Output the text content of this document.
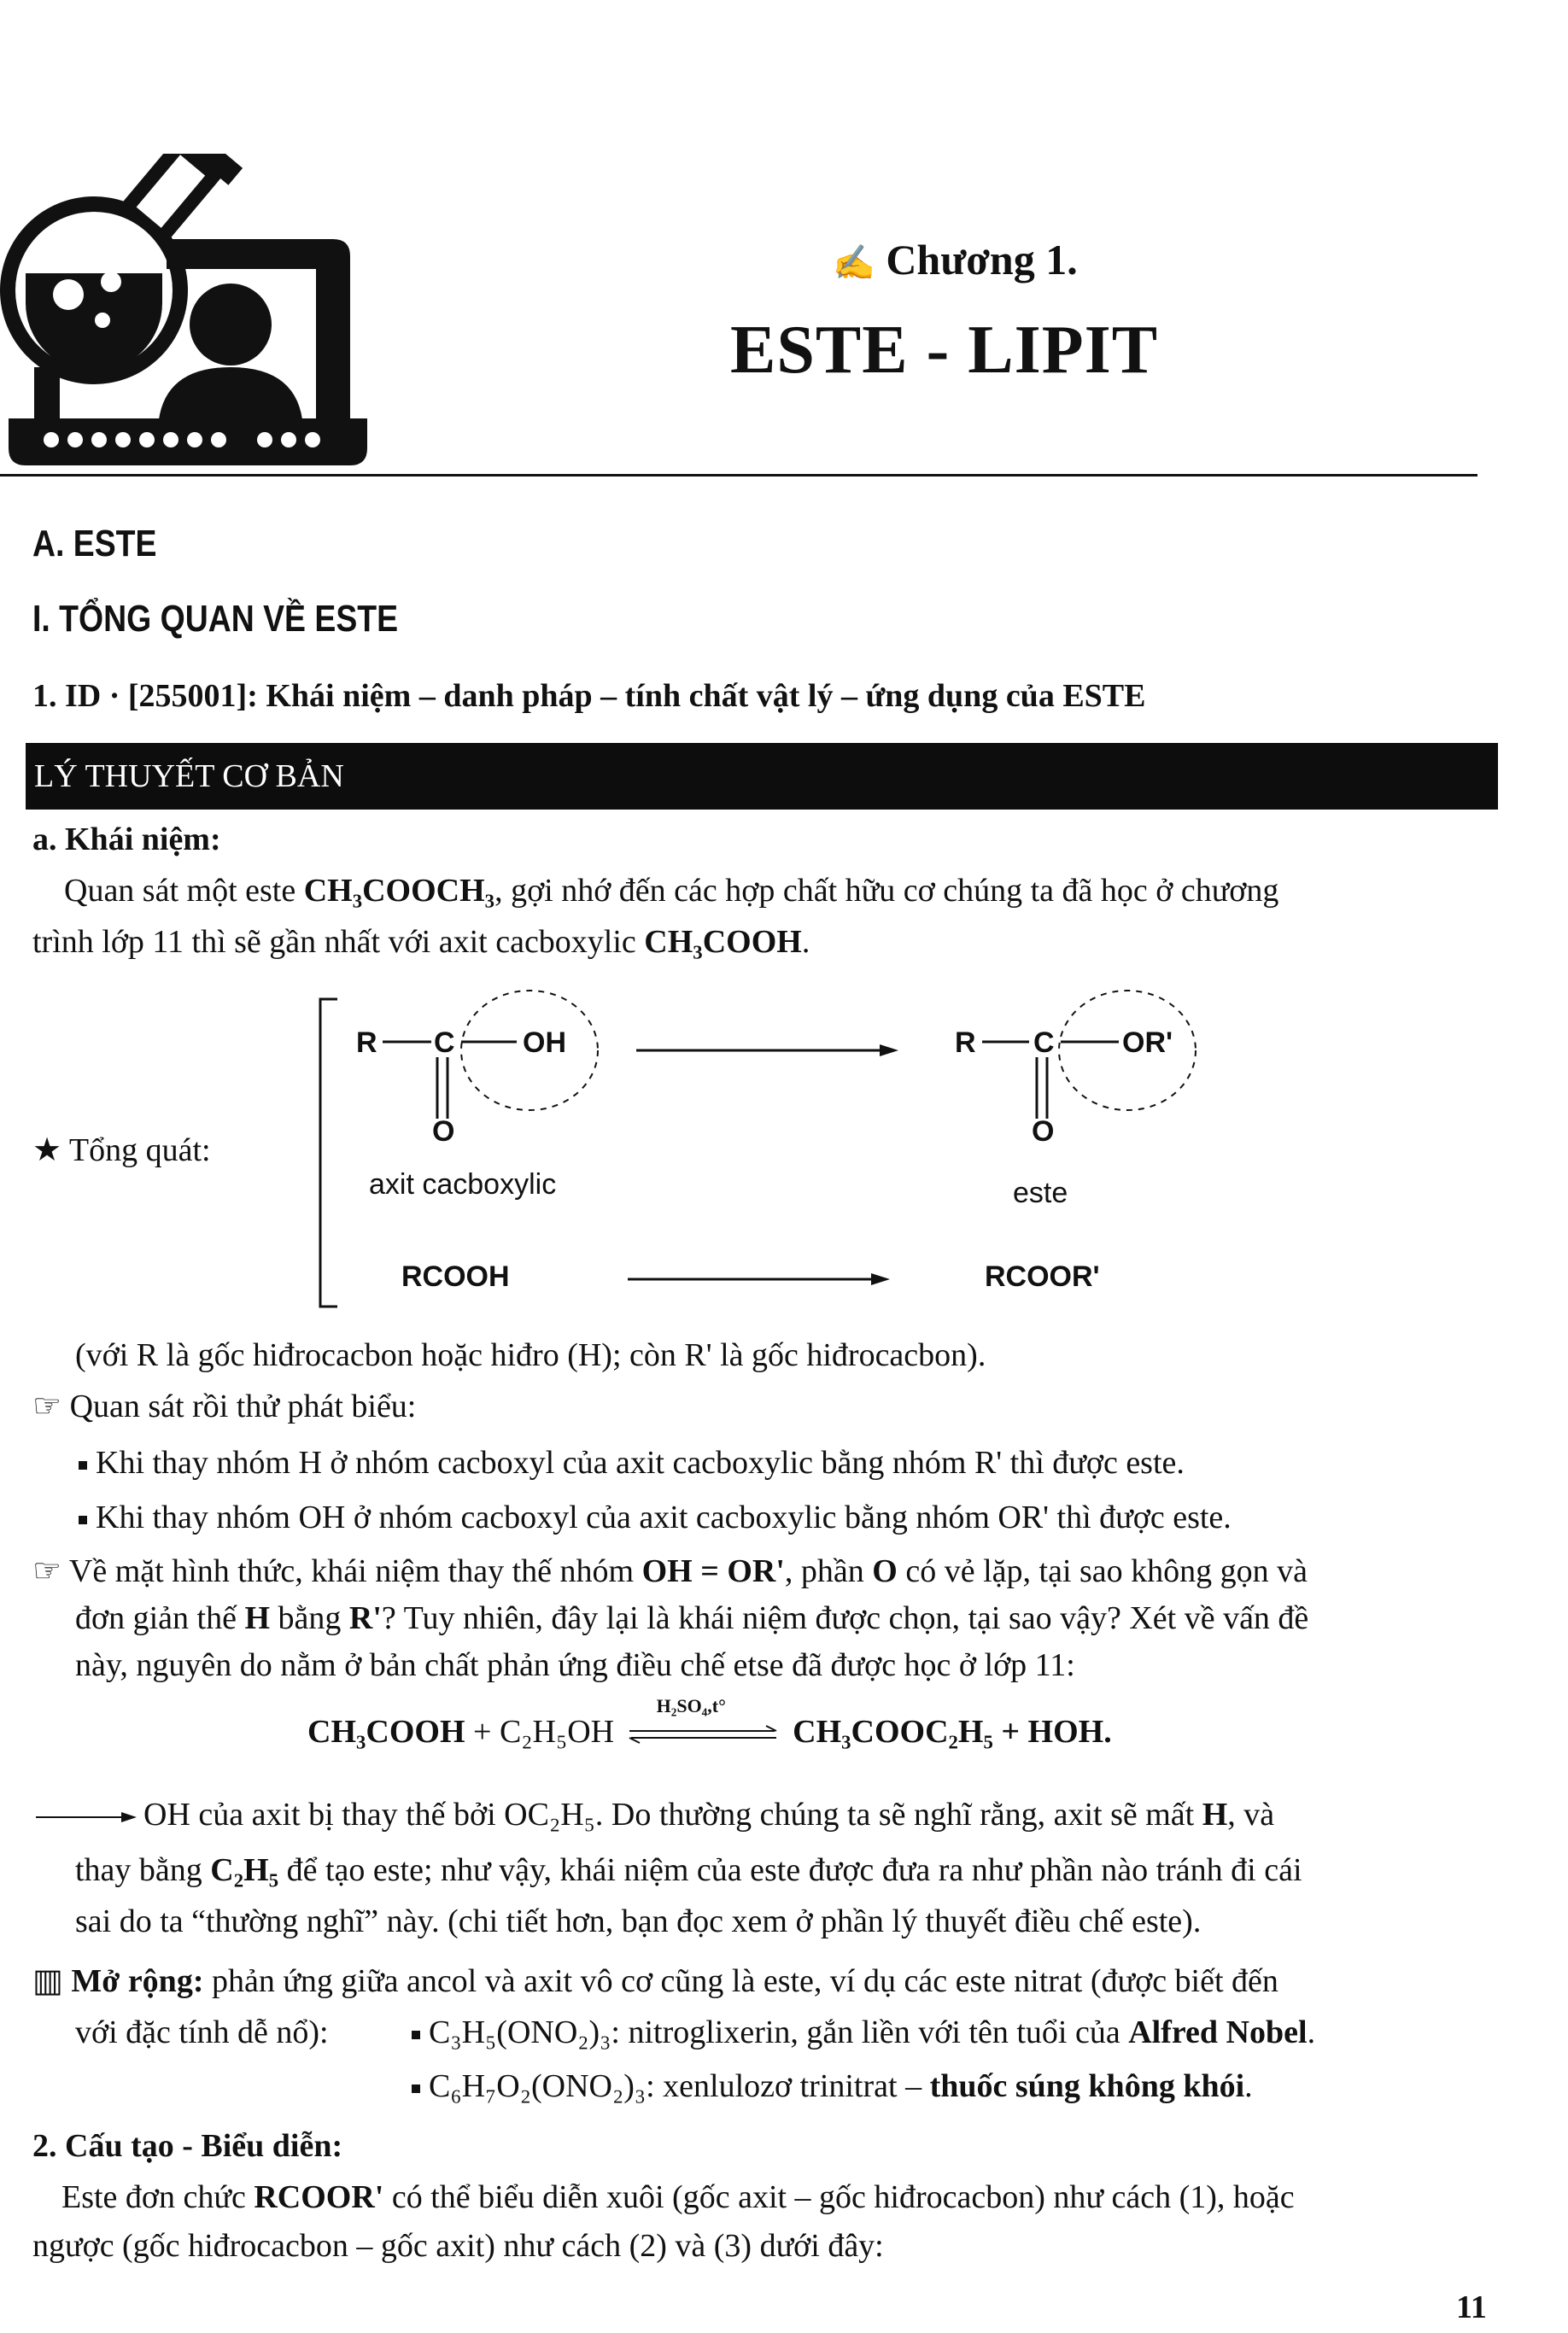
✍ Chương 1.
ESTE - LIPIT
A. ESTE
I. TỔNG QUAN VỀ ESTE
1. ID · [255001]: Khái niệm – danh pháp – tính chất vật lý – ứng dụng của ESTE
LÝ THUYẾT CƠ BẢN
a. Khái niệm:
Quan sát một este CH₃COOCH₃, gợi nhớ đến các hợp chất hữu cơ chúng ta đã học ở chương
trình lớp 11 thì sẽ gần nhất với axit cacboxylic CH₃COOH.
R C OH
O
axit cacboxylic
R C OR'
O
este
RCOOH	RCOOR'
★ Tổng quát:
(với R là gốc hiđrocacbon hoặc hiđro (H); còn R' là gốc hiđrocacbon).
☞ Quan sát rồi thử phát biểu:
Khi thay nhóm H ở nhóm cacboxyl của axit cacboxylic bằng nhóm R' thì được este.
Khi thay nhóm OH ở nhóm cacboxyl của axit cacboxylic bằng nhóm OR' thì được este.
☞ Về mặt hình thức, khái niệm thay thế nhóm OH = OR', phần O có vẻ lặp, tại sao không gọn và
đơn giản thế H bằng R'? Tuy nhiên, đây lại là khái niệm được chọn, tại sao vậy? Xét về vấn đề
này, nguyên do nằm ở bản chất phản ứng điều chế etse đã được học ở lớp 11:
CH₃COOH + C₂H₅OH
H₂SO₄,t°
CH₃COOC₂H₅ + HOH.
OH của axit bị thay thế bởi OC₂H₅. Do thường chúng ta sẽ nghĩ rằng, axit sẽ mất H, và
thay bằng C₂H₅ để tạo este; như vậy, khái niệm của este được đưa ra như phần nào tránh đi cái
sai do ta “thường nghĩ” này. (chi tiết hơn, bạn đọc xem ở phần lý thuyết điều chế este).
▥ Mở rộng: phản ứng giữa ancol và axit vô cơ cũng là este, ví dụ các este nitrat (được biết đến
với đặc tính dễ nổ):	C₃H₅(ONO₂)₃: nitroglixerin, gắn liền với tên tuổi của Alfred Nobel.
C₆H₇O₂(ONO₂)₃: xenlulozơ trinitrat – thuốc súng không khói.
2. Cấu tạo - Biểu diễn:
Este đơn chức RCOOR' có thể biểu diễn xuôi (gốc axit – gốc hiđrocacbon) như cách (1), hoặc
ngược (gốc hiđrocacbon – gốc axit) như cách (2) và (3) dưới đây:
11
